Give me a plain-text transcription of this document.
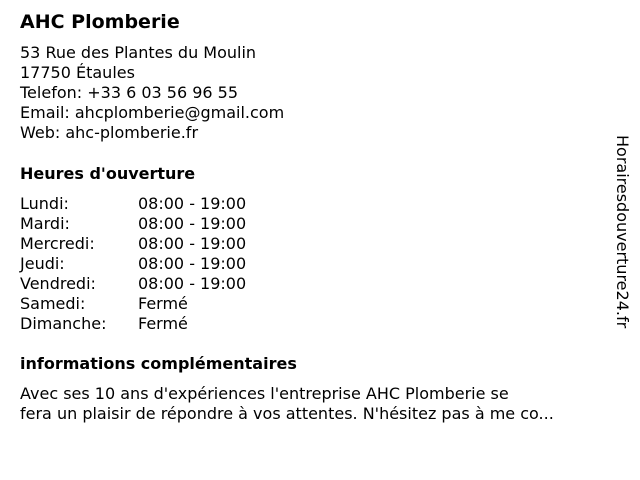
AHC Plomberie
53 Rue des Plantes du Moulin
17750 Étaules
Telefon: +33 6 03 56 96 55
Email: ahcplomberie@gmail.com
Web: ahc-plomberie.fr
Heures d'ouverture
Lundi:	08:00 - 19:00
Mardi:	08:00 - 19:00
Mercredi:	08:00 - 19:00
Jeudi:	08:00 - 19:00
Vendredi:	08:00 - 19:00
Samedi:	Fermé
Dimanche:	Fermé
informations complémentaires
Avec ses 10 ans d'expériences l'entreprise AHC Plomberie se
fera un plaisir de répondre à vos attentes. N'hésitez pas à me co...
Horairesdouverture24.fr
